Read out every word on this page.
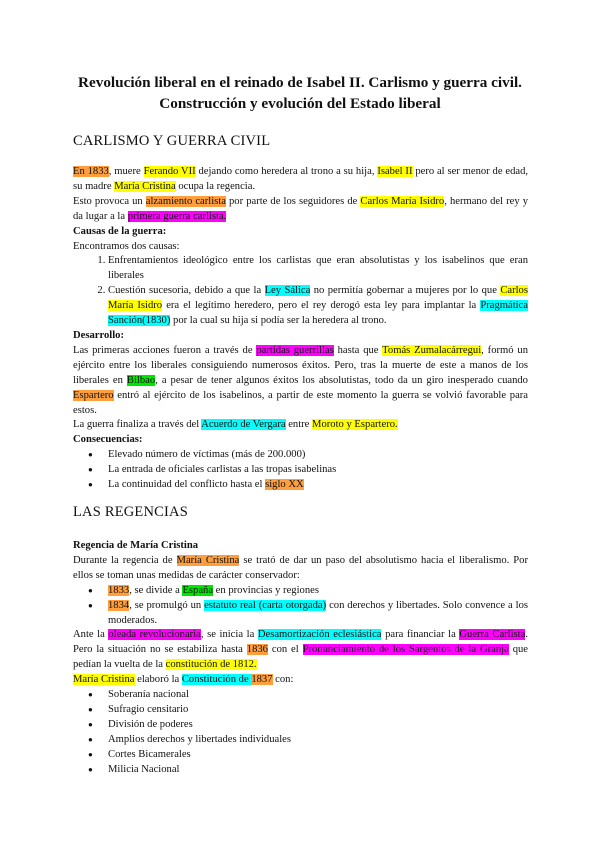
Revolución liberal en el reinado de Isabel II. Carlismo y guerra civil.
Construcción y evolución del Estado liberal
CARLISMO Y GUERRA CIVIL

En 1833, muere Ferando VII dejando como heredera al trono a su hija, Isabel II pero al ser menor de edad, su madre María Cristina ocupa la regencia.

Esto provoca un alzamiento carlista por parte de los seguidores de Carlos María Isidro, hermano del rey y da lugar a la primera guerra carlista.

Causas de la guerra:

Encontramos dos causas:

1. Enfrentamientos ideológico entre los carlistas que eran absolutistas y los isabelinos que eran liberales
2. Cuestión sucesoria, debido a que la Ley Sálica no permitía gobernar a mujeres por lo que Carlos María Isidro era el legítimo heredero, pero el rey derogó esta ley para implantar la Pragmática Sanción(1830) por la cual su hija si podía ser la heredera al trono.

Desarrollo:

Las primeras acciones fueron a través de partidas guerrillas hasta que Tomás Zumalacárregui, formó un ejército entre los liberales consiguiendo numerosos éxitos. Pero, tras la muerte de este a manos de los liberales en Bilbao, a pesar de tener algunos éxitos los absolutistas, todo da un giro inesperado cuando Espartero entró al ejército de los isabelinos, a partir de este momento la guerra se volvió favorable para estos.

La guerra finaliza a través del Acuerdo de Vergara entre Moroto y Espartero.

Consecuencias:

● Elevado número de víctimas (más de 200.000)
● La entrada de oficiales carlistas a las tropas isabelinas
● La continuidad del conflicto hasta el siglo XX
LAS REGENCIAS

Regencia de María Cristina

Durante la regencia de María Cristina se trató de dar un paso del absolutismo hacia el liberalismo. Por ellos se toman unas medidas de carácter conservador:

● 1833, se divide a España en provincias y regiones
● 1834, se promulgó un estatuto real (carta otorgada) con derechos y libertades. Solo convence a los moderados.

Ante la oleada revolucionaria, se inicia la Desamortización eclesiástica para financiar la Guerra Carlista. Pero la situación no se estabiliza hasta 1836 con el Pronunciamiento de los Sargentos de la Granja que pedían la vuelta de la constitución de 1812.

María Cristina elaboró la Constitución de 1837 con:

● Soberanía nacional
● Sufragio censitario
● División de poderes
● Amplios derechos y libertades individuales
● Cortes Bicamerales
● Milicia Nacional
